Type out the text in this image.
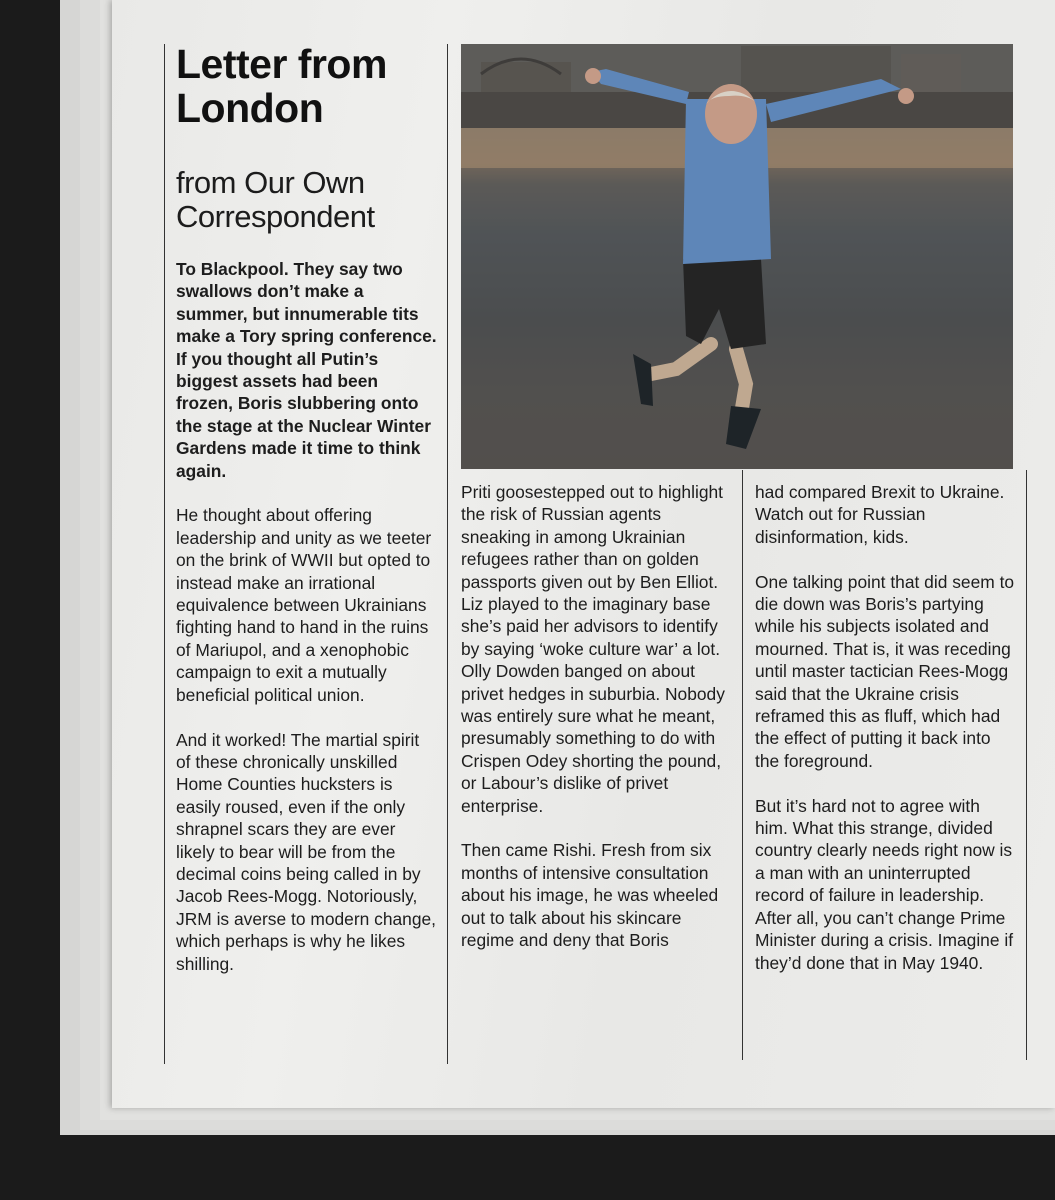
Letter from London
from Our Own Correspondent

To Blackpool. They say two swallows don’t make a summer, but innumerable tits make a Tory spring conference. If you thought all Putin’s biggest assets had been frozen, Boris slubbering onto the stage at the Nuclear Winter Gardens made it time to think again.

He thought about offering leadership and unity as we teeter on the brink of WWII but opted to instead make an irrational equivalence between Ukrainians fighting hand to hand in the ruins of Mariupol, and a xenophobic campaign to exit a mutually beneficial political union.

And it worked! The martial spirit of these chronically unskilled Home Counties hucksters is easily roused, even if the only shrapnel scars they are ever likely to bear will be from the decimal coins being called in by Jacob Rees-Mogg. Notoriously, JRM is averse to modern change, which perhaps is why he likes shilling.

Priti goosestepped out to highlight the risk of Russian agents sneaking in among Ukrainian refugees rather than on golden passports given out by Ben Elliot. Liz played to the imaginary base she’s paid her advisors to identify by saying ‘woke culture war’ a lot. Olly Dowden banged on about privet hedges in suburbia. Nobody was entirely sure what he meant, presumably something to do with Crispen Odey shorting the pound, or Labour’s dislike of privet enterprise.

Then came Rishi. Fresh from six months of intensive consultation about his image, he was wheeled out to talk about his skincare regime and deny that Boris

had compared Brexit to Ukraine. Watch out for Russian disinformation, kids.

One talking point that did seem to die down was Boris’s partying while his subjects isolated and mourned. That is, it was receding until master tactician Rees-Mogg said that the Ukraine crisis reframed this as fluff, which had the effect of putting it back into the foreground.

But it’s hard not to agree with him. What this strange, divided country clearly needs right now is a man with an uninterrupted record of failure in leadership. After all, you can’t change Prime Minister during a crisis. Imagine if they’d done that in May 1940.
